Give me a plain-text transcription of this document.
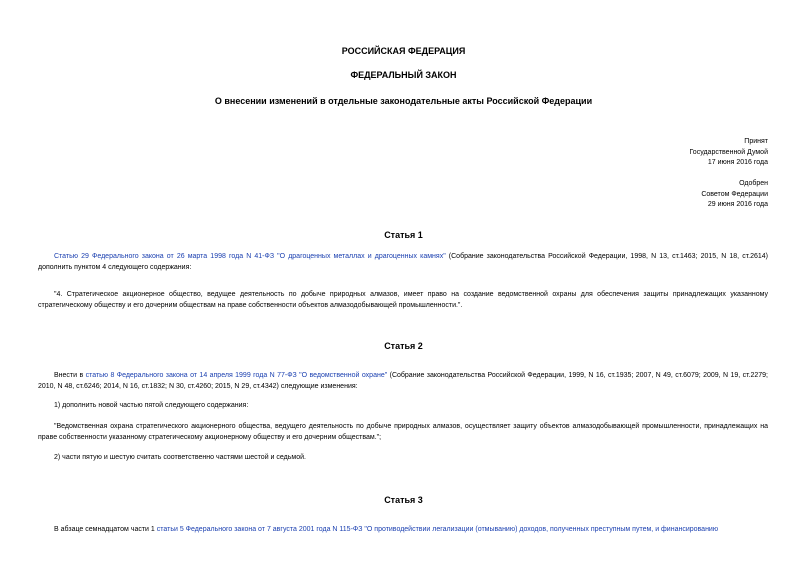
РОССИЙСКАЯ ФЕДЕРАЦИЯ
ФЕДЕРАЛЬНЫЙ ЗАКОН
О внесении изменений в отдельные законодательные акты Российской Федерации
Принят
Государственной Думой
17 июня 2016 года
Одобрен
Советом Федерации
29 июня 2016 года
Статья 1
Статью 29 Федерального закона от 26 марта 1998 года N 41-ФЗ "О драгоценных металлах и драгоценных камнях" (Собрание законодательства Российской Федерации, 1998, N 13, ст.1463; 2015, N 18, ст.2614) дополнить пунктом 4 следующего содержания:
"4. Стратегическое акционерное общество, ведущее деятельность по добыче природных алмазов, имеет право на создание ведомственной охраны для обеспечения защиты принадлежащих указанному стратегическому обществу и его дочерним обществам на праве собственности объектов алмазодобывающей промышленности.".
Статья 2
Внести в статью 8 Федерального закона от 14 апреля 1999 года N 77-ФЗ "О ведомственной охране" (Собрание законодательства Российской Федерации, 1999, N 16, ст.1935; 2007, N 49, ст.6079; 2009, N 19, ст.2279; 2010, N 48, ст.6246; 2014, N 16, ст.1832; N 30, ст.4260; 2015, N 29, ст.4342) следующие изменения:
1) дополнить новой частью пятой следующего содержания:
"Ведомственная охрана стратегического акционерного общества, ведущего деятельность по добыче природных алмазов, осуществляет защиту объектов алмазодобывающей промышленности, принадлежащих на праве собственности указанному стратегическому акционерному обществу и его дочерним обществам.";
2) части пятую и шестую считать соответственно частями шестой и седьмой.
Статья 3
В абзаце семнадцатом части 1 статьи 5 Федерального закона от 7 августа 2001 года N 115-ФЗ "О противодействии легализации (отмыванию) доходов, полученных преступным путем, и финансированию
